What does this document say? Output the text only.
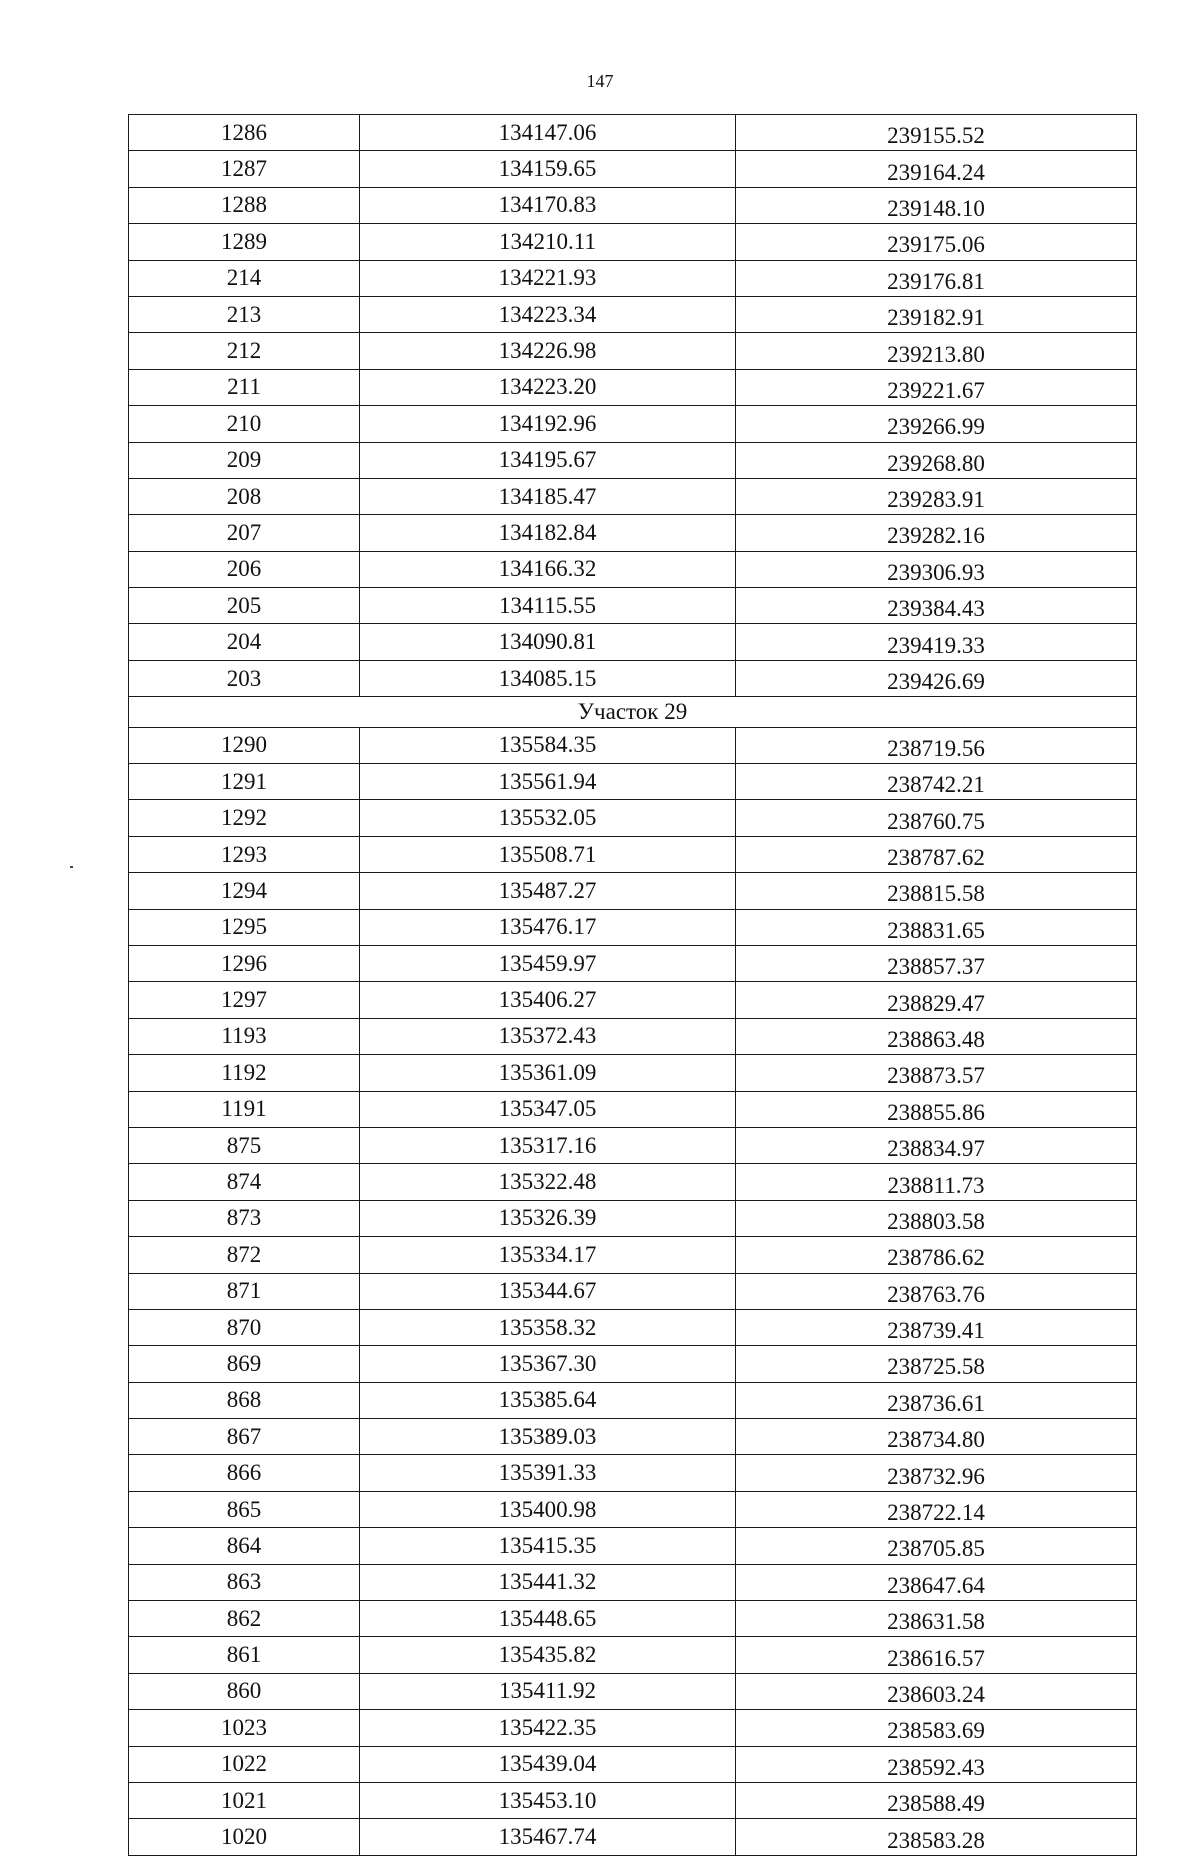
147
1286	134147.06	239155.52
1287	134159.65	239164.24
1288	134170.83	239148.10
1289	134210.11	239175.06
214	134221.93	239176.81
213	134223.34	239182.91
212	134226.98	239213.80
211	134223.20	239221.67
210	134192.96	239266.99
209	134195.67	239268.80
208	134185.47	239283.91
207	134182.84	239282.16
206	134166.32	239306.93
205	134115.55	239384.43
204	134090.81	239419.33
203	134085.15	239426.69
Участок 29		
1290	135584.35	238719.56
1291	135561.94	238742.21
1292	135532.05	238760.75
1293	135508.71	238787.62
1294	135487.27	238815.58
1295	135476.17	238831.65
1296	135459.97	238857.37
1297	135406.27	238829.47
1193	135372.43	238863.48
1192	135361.09	238873.57
1191	135347.05	238855.86
875	135317.16	238834.97
874	135322.48	238811.73
873	135326.39	238803.58
872	135334.17	238786.62
871	135344.67	238763.76
870	135358.32	238739.41
869	135367.30	238725.58
868	135385.64	238736.61
867	135389.03	238734.80
866	135391.33	238732.96
865	135400.98	238722.14
864	135415.35	238705.85
863	135441.32	238647.64
862	135448.65	238631.58
861	135435.82	238616.57
860	135411.92	238603.24
1023	135422.35	238583.69
1022	135439.04	238592.43
1021	135453.10	238588.49
1020	135467.74	238583.28
